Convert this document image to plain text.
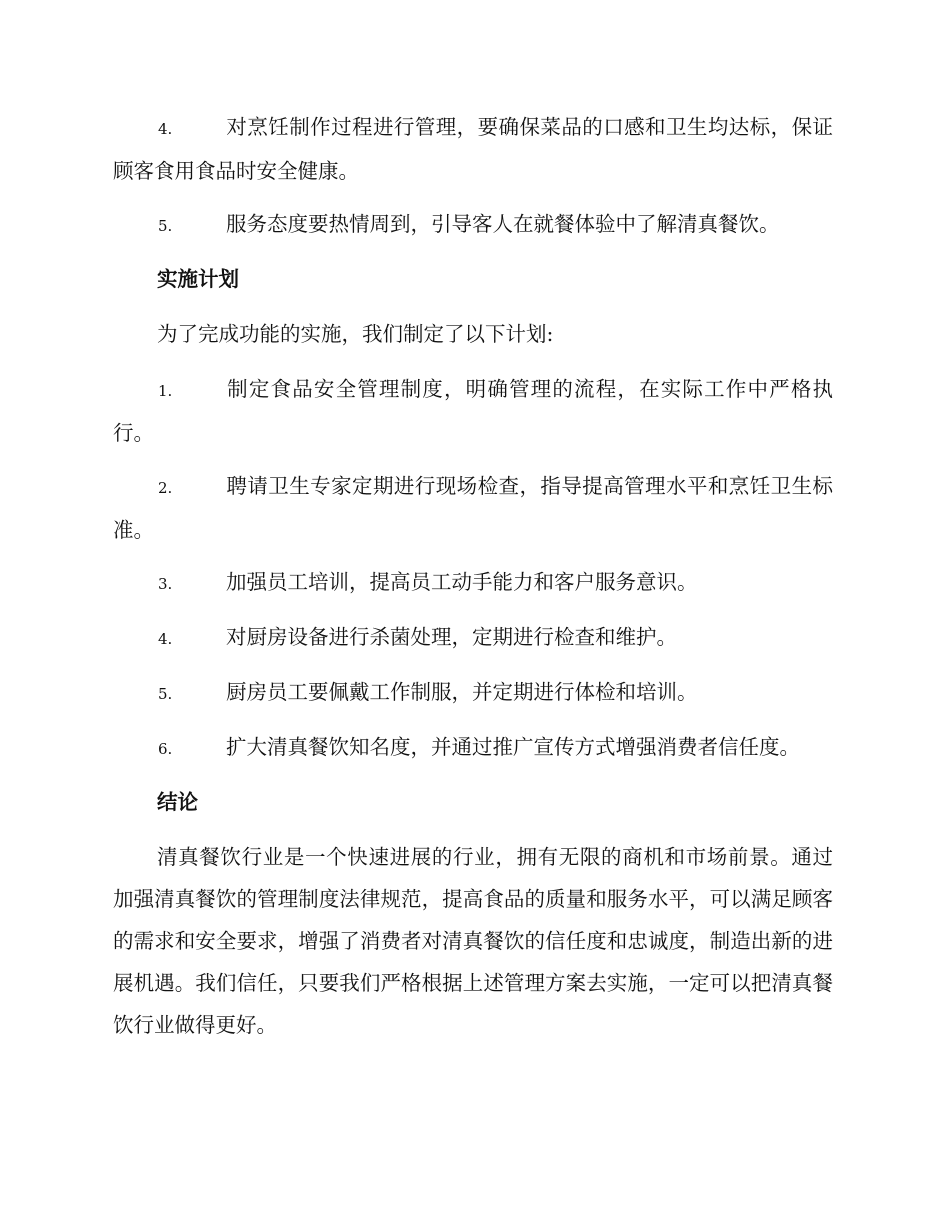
4.	对烹饪制作过程进行管理，要确保菜品的口感和卫生均达标，保证顾客食用食品时安全健康。
5.	服务态度要热情周到，引导客人在就餐体验中了解清真餐饮。
实施计划
为了完成功能的实施，我们制定了以下计划:
1.	制定食品安全管理制度，明确管理的流程，在实际工作中严格执行。
2.	聘请卫生专家定期进行现场检查，指导提高管理水平和烹饪卫生标准。
3.	加强员工培训，提高员工动手能力和客户服务意识。
4.	对厨房设备进行杀菌处理，定期进行检查和维护。
5.	厨房员工要佩戴工作制服，并定期进行体检和培训。
6.	扩大清真餐饮知名度，并通过推广宣传方式增强消费者信任度。
结论
清真餐饮行业是一个快速进展的行业，拥有无限的商机和市场前景。通过加强清真餐饮的管理制度法律规范，提高食品的质量和服务水平，可以满足顾客的需求和安全要求，增强了消费者对清真餐饮的信任度和忠诚度，制造出新的进展机遇。我们信任，只要我们严格根据上述管理方案去实施，一定可以把清真餐饮行业做得更好。
